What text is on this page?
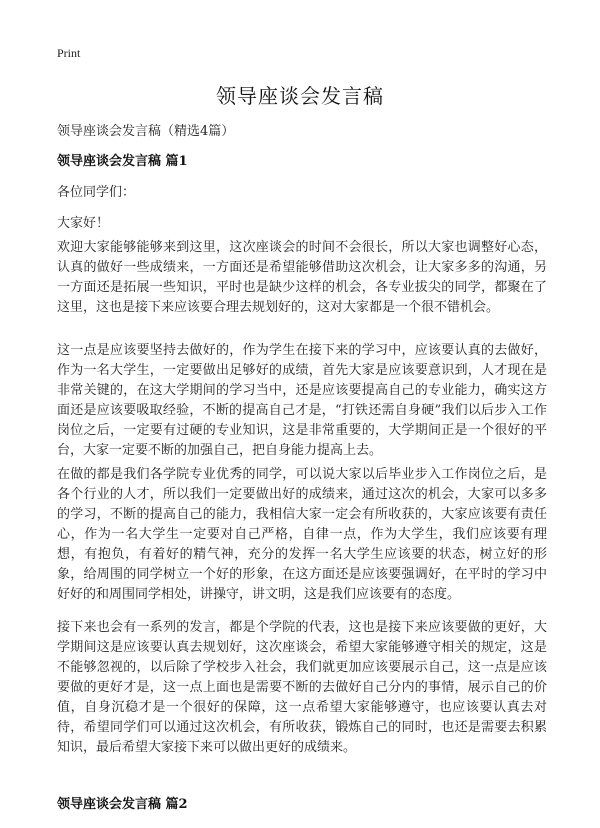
Print
领导座谈会发言稿
领导座谈会发言稿（精选4篇）
领导座谈会发言稿 篇1
各位同学们：
大家好！
欢迎大家能够能够来到这里，这次座谈会的时间不会很长，所以大家也调整好心态，认真的做好一些成绩来，一方面还是希望能够借助这次机会，让大家多多的沟通，另一方面还是拓展一些知识，平时也是缺少这样的机会，各专业拔尖的同学，都聚在了这里，这也是接下来应该要合理去规划好的，这对大家都是一个很不错机会。
这一点是应该要坚持去做好的，作为学生在接下来的学习中，应该要认真的去做好，作为一名大学生，一定要做出足够好的成绩，首先大家是应该要意识到，人才现在是非常关键的，在这大学期间的学习当中，还是应该要提高自己的专业能力，确实这方面还是应该要吸取经验，不断的提高自己才是，“打铁还需自身硬”我们以后步入工作岗位之后，一定要有过硬的专业知识，这是非常重要的，大学期间正是一个很好的平台，大家一定要不断的加强自己，把自身能力提高上去。
在做的都是我们各学院专业优秀的同学，可以说大家以后毕业步入工作岗位之后，是各个行业的人才，所以我们一定要做出好的成绩来，通过这次的机会，大家可以多多的学习，不断的提高自己的能力，我相信大家一定会有所收获的，大家应该要有责任心，作为一名大学生一定要对自己严格，自律一点，作为大学生，我们应该要有理想，有抱负，有着好的精气神，充分的发挥一名大学生应该要的状态，树立好的形象，给周围的同学树立一个好的形象，在这方面还是应该要强调好，在平时的学习中好好的和周围同学相处，讲操守，讲文明，这是我们应该要有的态度。
接下来也会有一系列的发言，都是个学院的代表，这也是接下来应该要做的更好，大学期间这是应该要认真去规划好，这次座谈会，希望大家能够遵守相关的规定，这是不能够忽视的，以后除了学校步入社会，我们就更加应该要展示自己，这一点是应该要做的更好才是，这一点上面也是需要不断的去做好自己分内的事情，展示自己的价值，自身沉稳才是一个很好的保障，这一点希望大家能够遵守，也应该要认真去对待，希望同学们可以通过这次机会，有所收获，锻炼自己的同时，也还是需要去积累知识，最后希望大家接下来可以做出更好的成绩来。
领导座谈会发言稿 篇2
